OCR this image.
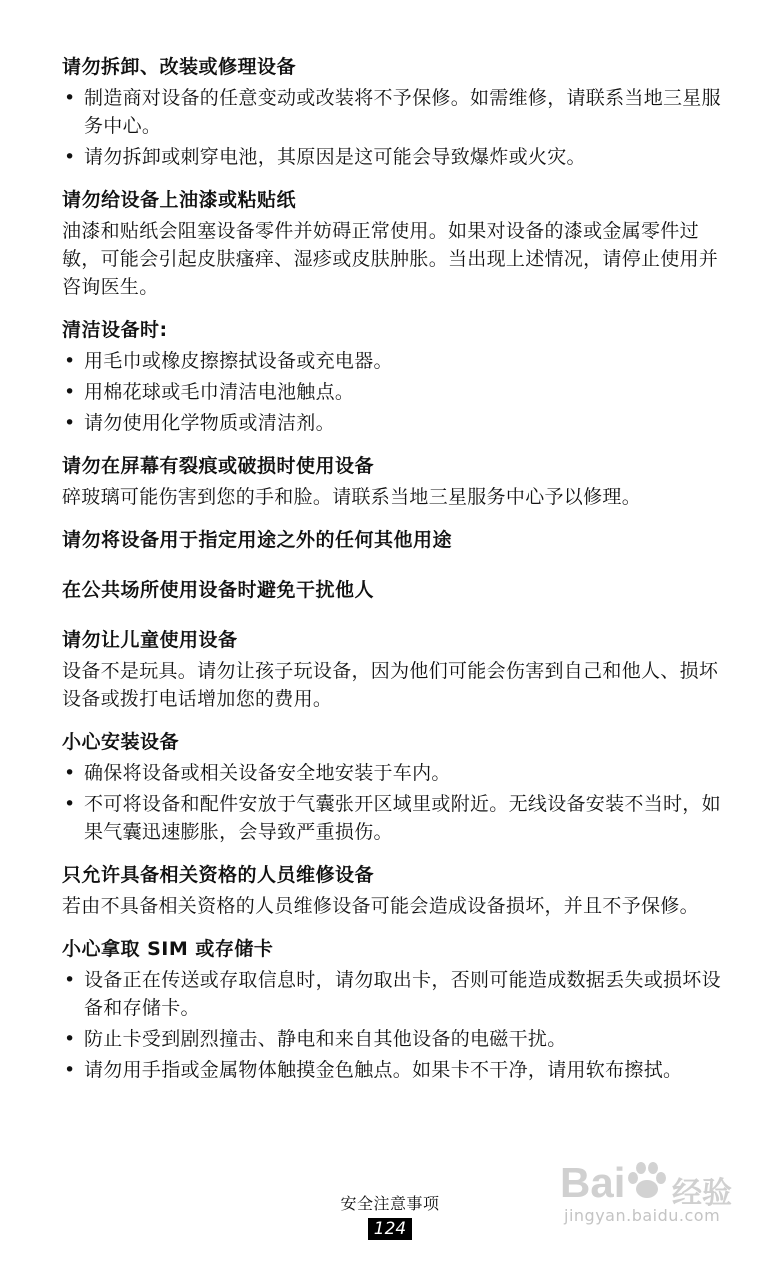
请勿拆卸、改装或修理设备
• 制造商对设备的任意变动或改装将不予保修。如需维修，请联系当地三星服务中心。
• 请勿拆卸或刺穿电池，其原因是这可能会导致爆炸或火灾。
请勿给设备上油漆或粘贴纸

油漆和贴纸会阻塞设备零件并妨碍正常使用。如果对设备的漆或金属零件过敏，可能会引起皮肤瘙痒、湿疹或皮肤肿胀。当出现上述情况，请停止使用并咨询医生。

清洁设备时:
• 用毛巾或橡皮擦擦拭设备或充电器。
• 用棉花球或毛巾清洁电池触点。
• 请勿使用化学物质或清洁剂。
请勿在屏幕有裂痕或破损时使用设备

碎玻璃可能伤害到您的手和脸。请联系当地三星服务中心予以修理。

请勿将设备用于指定用途之外的任何其他用途
在公共场所使用设备时避免干扰他人
请勿让儿童使用设备

设备不是玩具。请勿让孩子玩设备，因为他们可能会伤害到自己和他人、损坏设备或拨打电话增加您的费用。

小心安装设备
• 确保将设备或相关设备安全地安装于车内。
• 不可将设备和配件安放于气囊张开区域里或附近。无线设备安装不当时，如果气囊迅速膨胀，会导致严重损伤。
只允许具备相关资格的人员维修设备

若由不具备相关资格的人员维修设备可能会造成设备损坏，并且不予保修。

小心拿取 SIM 或存储卡
• 设备正在传送或存取信息时，请勿取出卡，否则可能造成数据丢失或损坏设备和存储卡。
• 防止卡受到剧烈撞击、静电和来自其他设备的电磁干扰。
• 请勿用手指或金属物体触摸金色触点。如果卡不干净，请用软布擦拭。
安全注意事项
124
Bai 经验
jingyan.baidu.com
